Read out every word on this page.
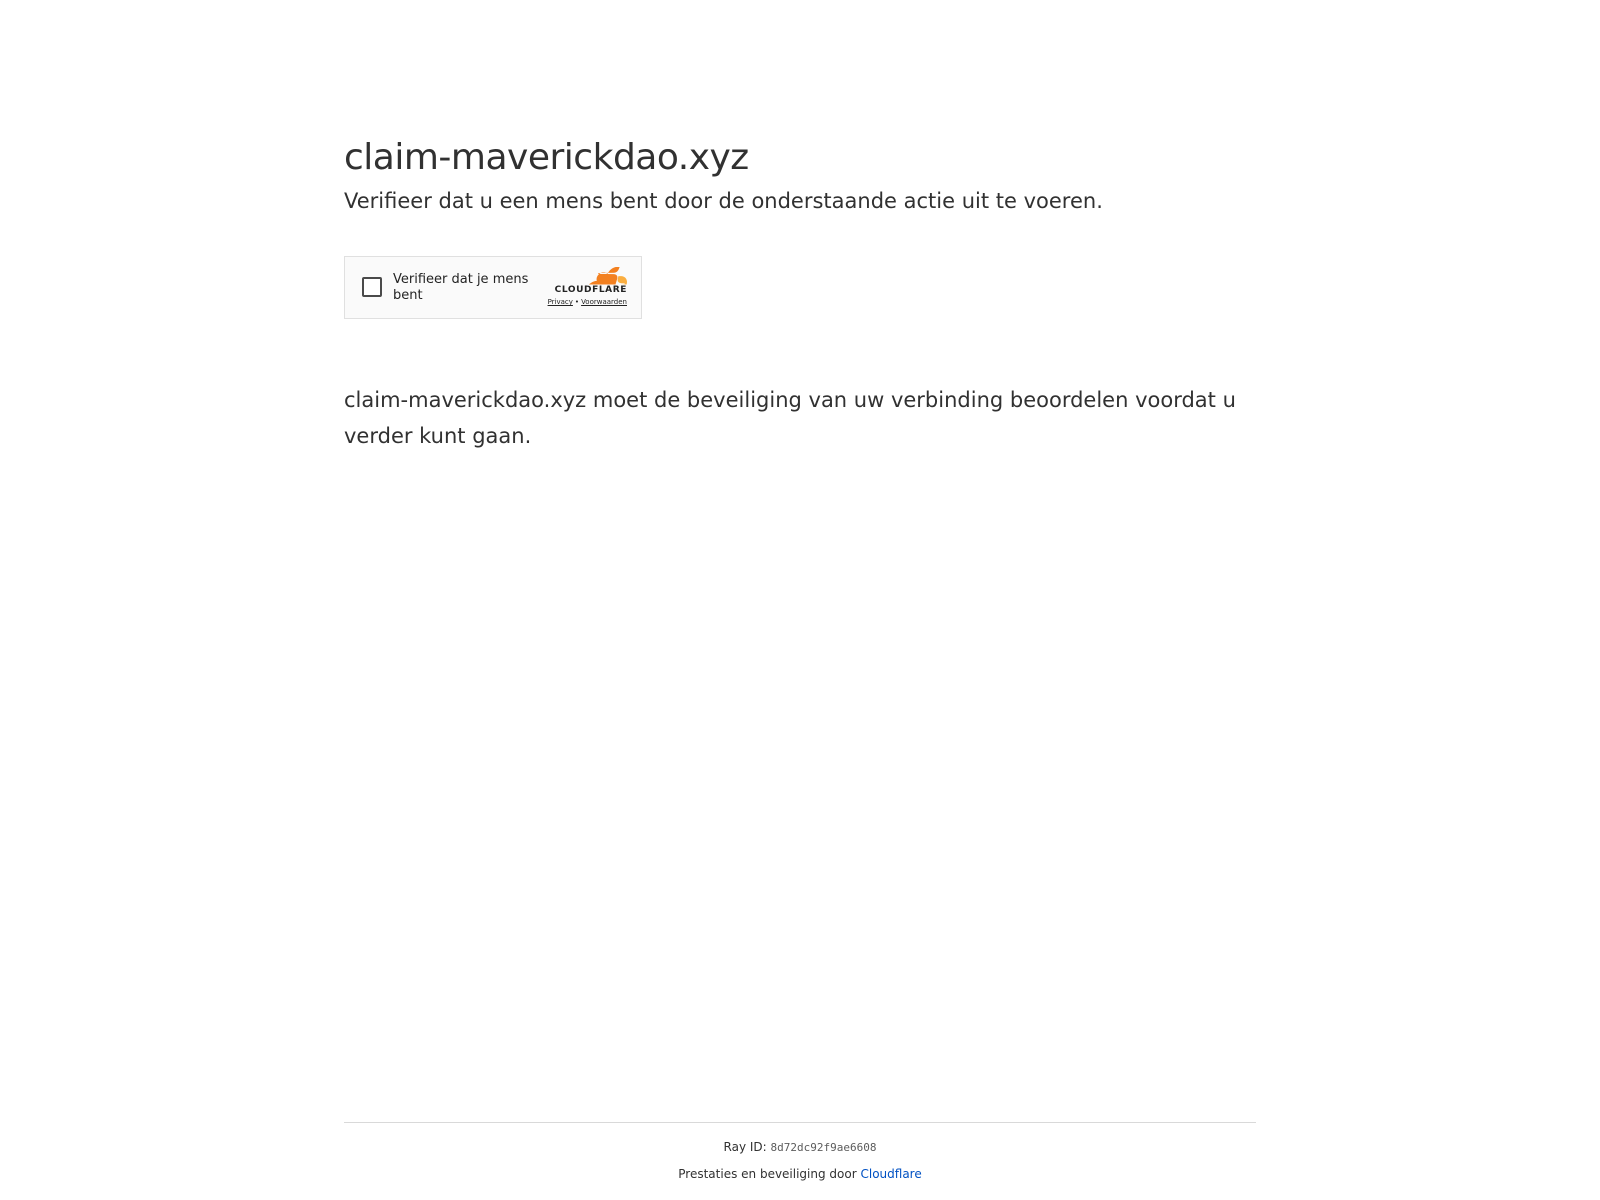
claim-maverickdao.xyz
Verifieer dat u een mens bent door de onderstaande actie uit te voeren.
Verifieer dat je mens bent	CLOUDFLARE
Privacy • Voorwaarden

claim-maverickdao.xyz moet de beveiliging van uw verbinding beoordelen voordat u verder kunt gaan.

Ray ID: 8d72dc92f9ae6608
Prestaties en beveiliging door Cloudflare
